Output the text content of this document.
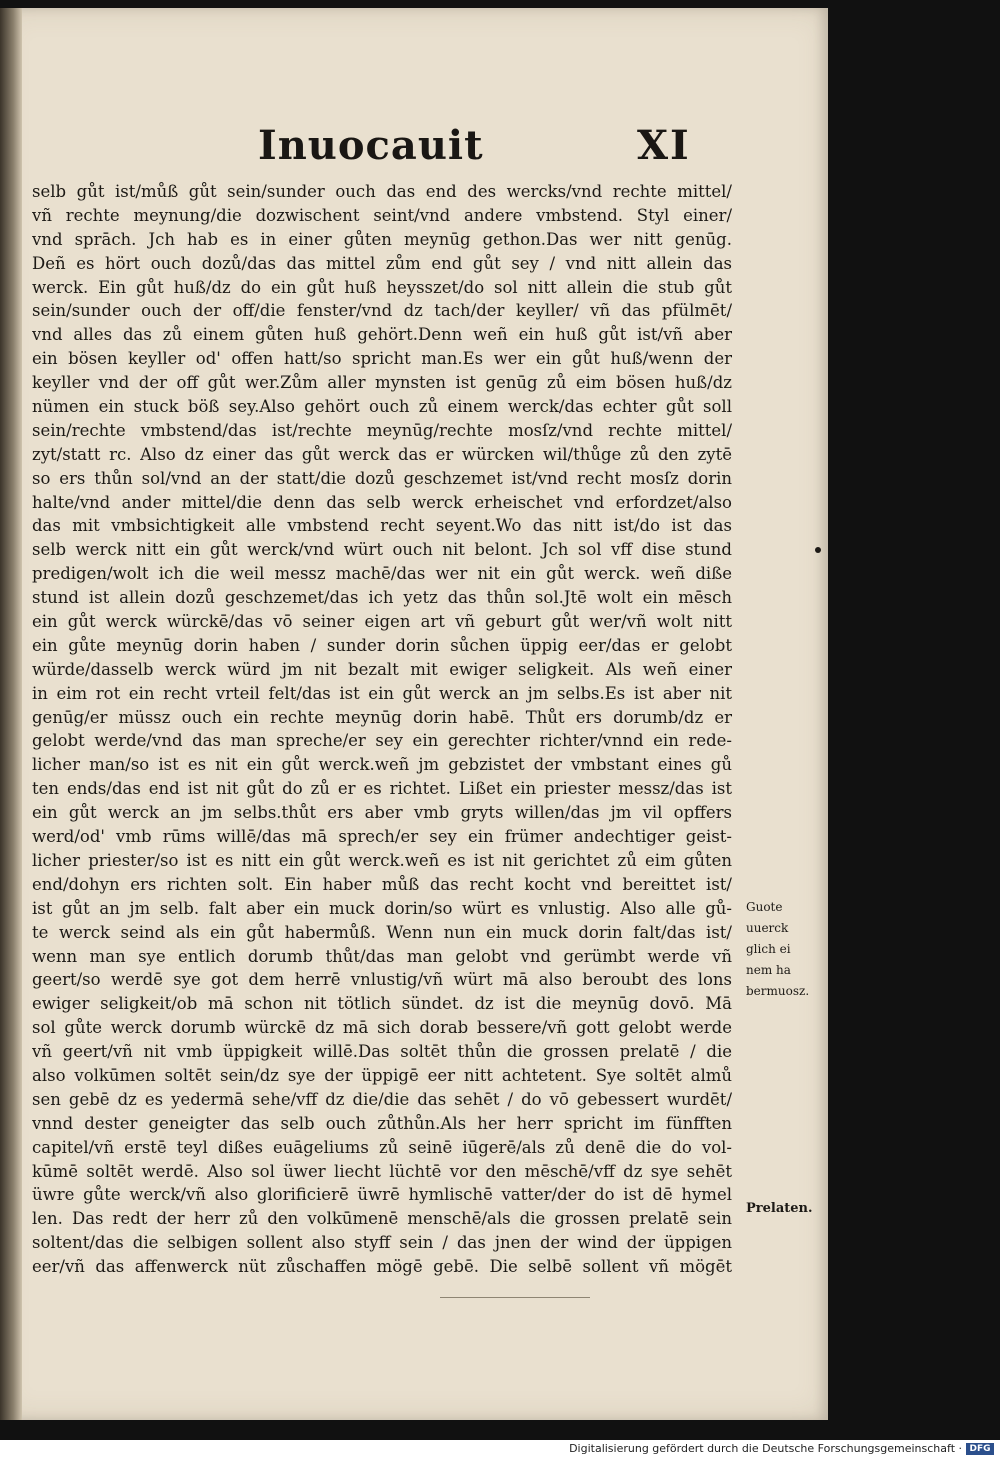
Inuocauit	XI
selb gůt ist/můß gůt sein/sunder ouch das end des wercks/vnd rechte mittel/
vñ rechte meynung/die dozwischent seint/vnd andere vmbstend. Styl einer/
vnd sprāch. Jch hab es in einer gůten meynūg gethon.Das wer nitt genūg.
Deñ es hört ouch dozů/das das mittel zům end gůt sey / vnd nitt allein das
werck. Ein gůt huß/dz do ein gůt huß heysszet/do sol nitt allein die stub gůt
sein/sunder ouch der off/die fenster/vnd dz tach/der keyller/ vñ das pfülmēt/
vnd alles das zů einem gůten huß gehört.Denn weñ ein huß gůt ist/vñ aber
ein bösen keyller od' offen hatt/so spricht man.Es wer ein gůt huß/wenn der
keyller vnd der off gůt wer.Zům aller mynsten ist genūg zů eim bösen huß/dz
nümen ein stuck böß sey.Also gehört ouch zů einem werck/das echter gůt soll
sein/rechte vmbstend/das ist/rechte meynūg/rechte mosſz/vnd rechte mittel/
zyt/statt rc. Also dz einer das gůt werck das er würcken wil/thůge zů den zytē
so ers thůn sol/vnd an der statt/die dozů geschzemet ist/vnd recht mosſz dorin
halte/vnd ander mittel/die denn das selb werck erheischet vnd erfordzet/also
das mit vmbsichtigkeit alle vmbstend recht seyent.Wo das nitt ist/do ist das
selb werck nitt ein gůt werck/vnd würt ouch nit belont. Jch sol vff dise stund
predigen/wolt ich die weil messz machē/das wer nit ein gůt werck. weñ diße
stund ist allein dozů geschzemet/das ich yetz das thůn sol.Jtē wolt ein mēsch
ein gůt werck würckē/das vō seiner eigen art vñ geburt gůt wer/vñ wolt nitt
ein gůte meynūg dorin haben / sunder dorin sůchen üppig eer/das er gelobt
würde/dasselb werck würd jm nit bezalt mit ewiger seligkeit. Als weñ einer
in eim rot ein recht vrteil felt/das ist ein gůt werck an jm selbs.Es ist aber nit
genūg/er müssz ouch ein rechte meynūg dorin habē. Thůt ers dorumb/dz er
gelobt werde/vnd das man spreche/er sey ein gerechter richter/vnnd ein rede-
licher man/so ist es nit ein gůt werck.weñ jm gebzistet der vmbstant eines gů
ten ends/das end ist nit gůt do zů er es richtet. Lißet ein priester messz/das ist
ein gůt werck an jm selbs.thůt ers aber vmb gryts willen/das jm vil opffers
werd/od' vmb rūms willē/das mā sprech/er sey ein frümer andechtiger geist-
licher priester/so ist es nitt ein gůt werck.weñ es ist nit gerichtet zů eim gůten
end/dohyn ers richten solt. Ein haber můß das recht kocht vnd bereittet ist/
ist gůt an jm selb. falt aber ein muck dorin/so würt es vnlustig. Also alle gů-
te werck seind als ein gůt habermůß. Wenn nun ein muck dorin falt/das ist/
wenn man sye entlich dorumb thůt/das man gelobt vnd gerümbt werde vñ
geert/so werdē sye got dem herrē vnlustig/vñ würt mā also beroubt des lons
ewiger seligkeit/ob mā schon nit tötlich sündet. dz ist die meynūg dovō. Mā
sol gůte werck dorumb würckē dz mā sich dorab bessere/vñ gott gelobt werde
vñ geert/vñ nit vmb üppigkeit willē.Das soltēt thůn die grossen prelatē / die
also volkūmen soltēt sein/dz sye der üppigē eer nitt achtetent. Sye soltēt almů
sen gebē dz es yedermā sehe/vff dz die/die das sehēt / do vō gebessert wurdēt/
vnnd dester geneigter das selb ouch zůthůn.Als her herr spricht im fünfften
capitel/vñ erstē teyl dißes euāgeliums zů seinē iūgerē/als zů denē die do vol-
kūmē soltēt werdē. Also sol üwer liecht lüchtē vor den mēschē/vff dz sye sehēt
üwre gůte werck/vñ also glorificierē üwrē hymlischē vatter/der do ist dē hymel
len. Das redt der herr zů den volkūmenē menschē/als die grossen prelatē sein
soltent/das die selbigen sollent also styff sein / das jnen der wind der üppigen
eer/vñ das affenwerck nüt zůschaffen mögē gebē. Die selbē sollent vñ mögēt
Guote
uuerck
glich ei
nem ha
bermuosz.
Prelaten.
Digitalisierung gefördert durch die Deutsche Forschungsgemeinschaft · DFG
